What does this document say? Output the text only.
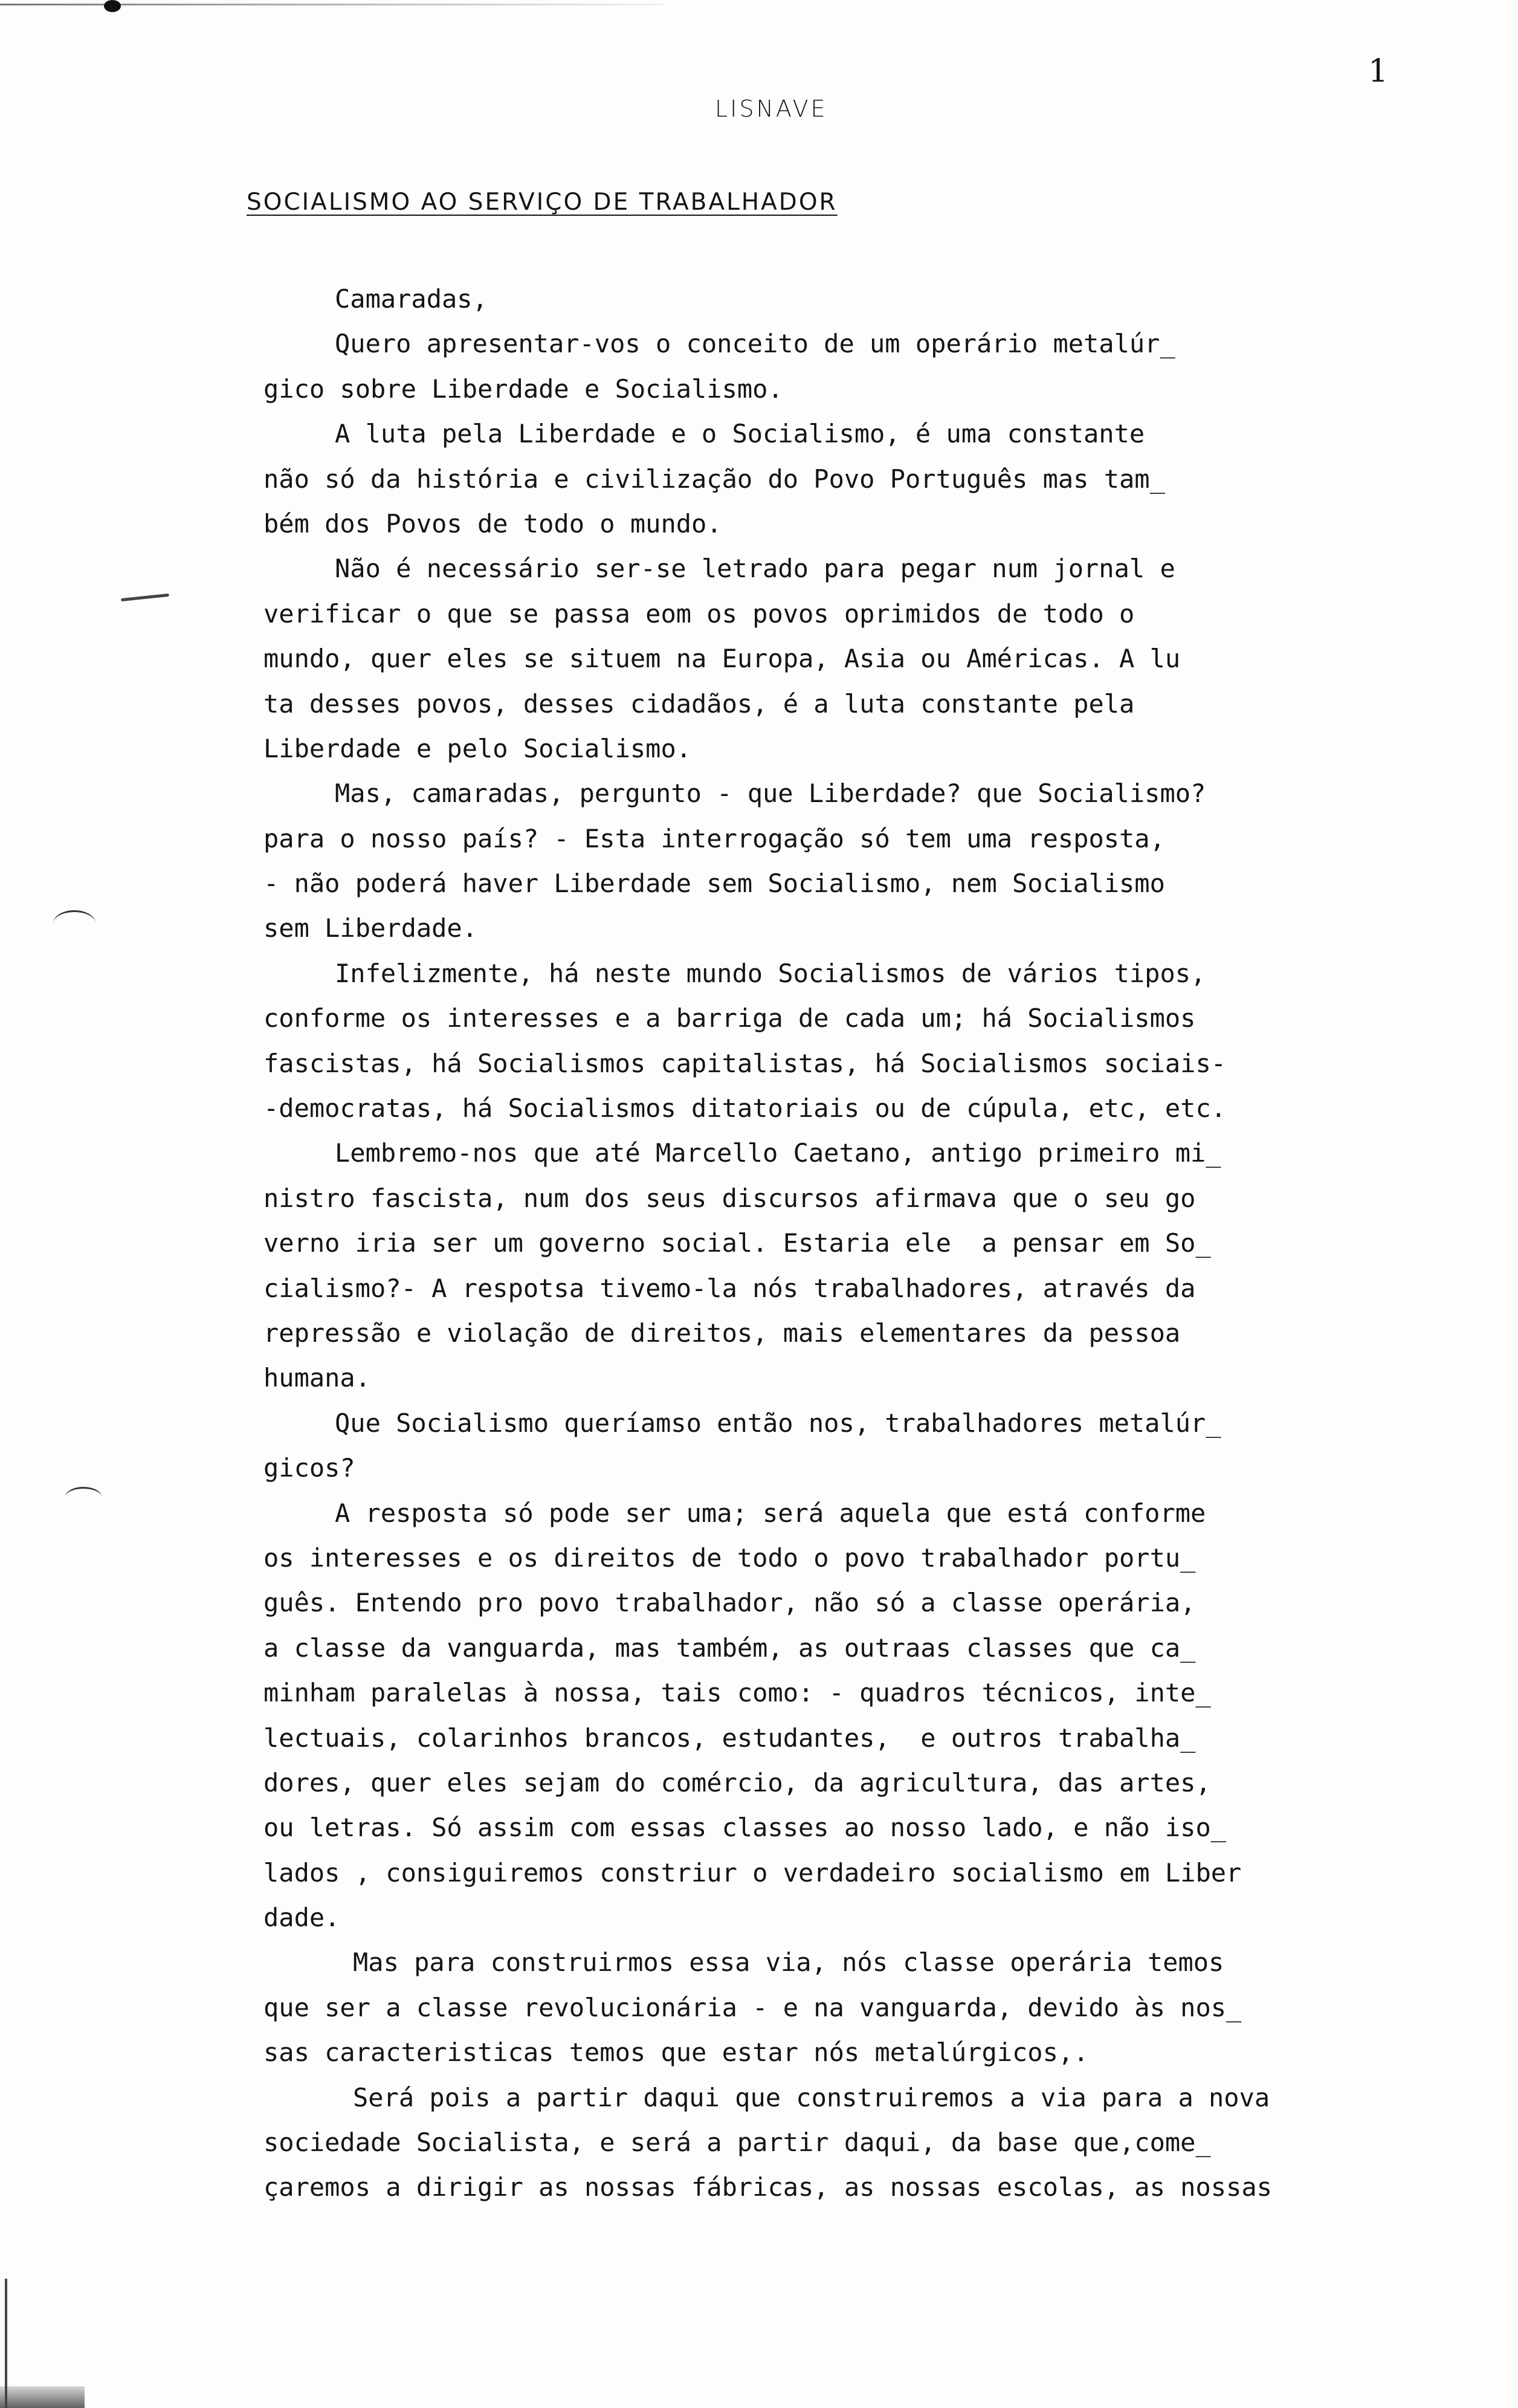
1
LISNAVE
SOCIALISMO AO SERVIÇO DE TRABALHADOR
Camaradas,
Quero apresentar-vos o conceito de um operário metalúr_
gico sobre Liberdade e Socialismo.
A luta pela Liberdade e o Socialismo, é uma constante
não só da história e civilização do Povo Português mas tam_
bém dos Povos de todo o mundo.
Não é necessário ser-se letrado para pegar num jornal e
verificar o que se passa eom os povos oprimidos de todo o
mundo, quer eles se situem na Europa, Asia ou Américas. A lu
ta desses povos, desses cidadãos, é a luta constante pela
Liberdade e pelo Socialismo.
Mas, camaradas, pergunto - que Liberdade? que Socialismo?
para o nosso país? - Esta interrogação só tem uma resposta,
- não poderá haver Liberdade sem Socialismo, nem Socialismo
sem Liberdade.
Infelizmente, há neste mundo Socialismos de vários tipos,
conforme os interesses e a barriga de cada um; há Socialismos
fascistas, há Socialismos capitalistas, há Socialismos sociais-
-democratas, há Socialismos ditatoriais ou de cúpula, etc, etc.
Lembremo-nos que até Marcello Caetano, antigo primeiro mi_
nistro fascista, num dos seus discursos afirmava que o seu go
verno iria ser um governo social. Estaria ele  a pensar em So_
cialismo?- A respotsa tivemo-la nós trabalhadores, através da
repressão e violação de direitos, mais elementares da pessoa
humana.
Que Socialismo queríamso então nos, trabalhadores metalúr_
gicos?
A resposta só pode ser uma; será aquela que está conforme
os interesses e os direitos de todo o povo trabalhador portu_
guês. Entendo pro povo trabalhador, não só a classe operária,
a classe da vanguarda, mas também, as outraas classes que ca_
minham paralelas à nossa, tais como: - quadros técnicos, inte_
lectuais, colarinhos brancos, estudantes,  e outros trabalha_
dores, quer eles sejam do comércio, da agricultura, das artes,
ou letras. Só assim com essas classes ao nosso lado, e não iso_
lados , consiguiremos constriur o verdadeiro socialismo em Liber
dade.
Mas para construirmos essa via, nós classe operária temos
que ser a classe revolucionária - e na vanguarda, devido às nos_
sas caracteristicas temos que estar nós metalúrgicos,.
Será pois a partir daqui que construiremos a via para a nova
sociedade Socialista, e será a partir daqui, da base que,come_
çaremos a dirigir as nossas fábricas, as nossas escolas, as nossas
